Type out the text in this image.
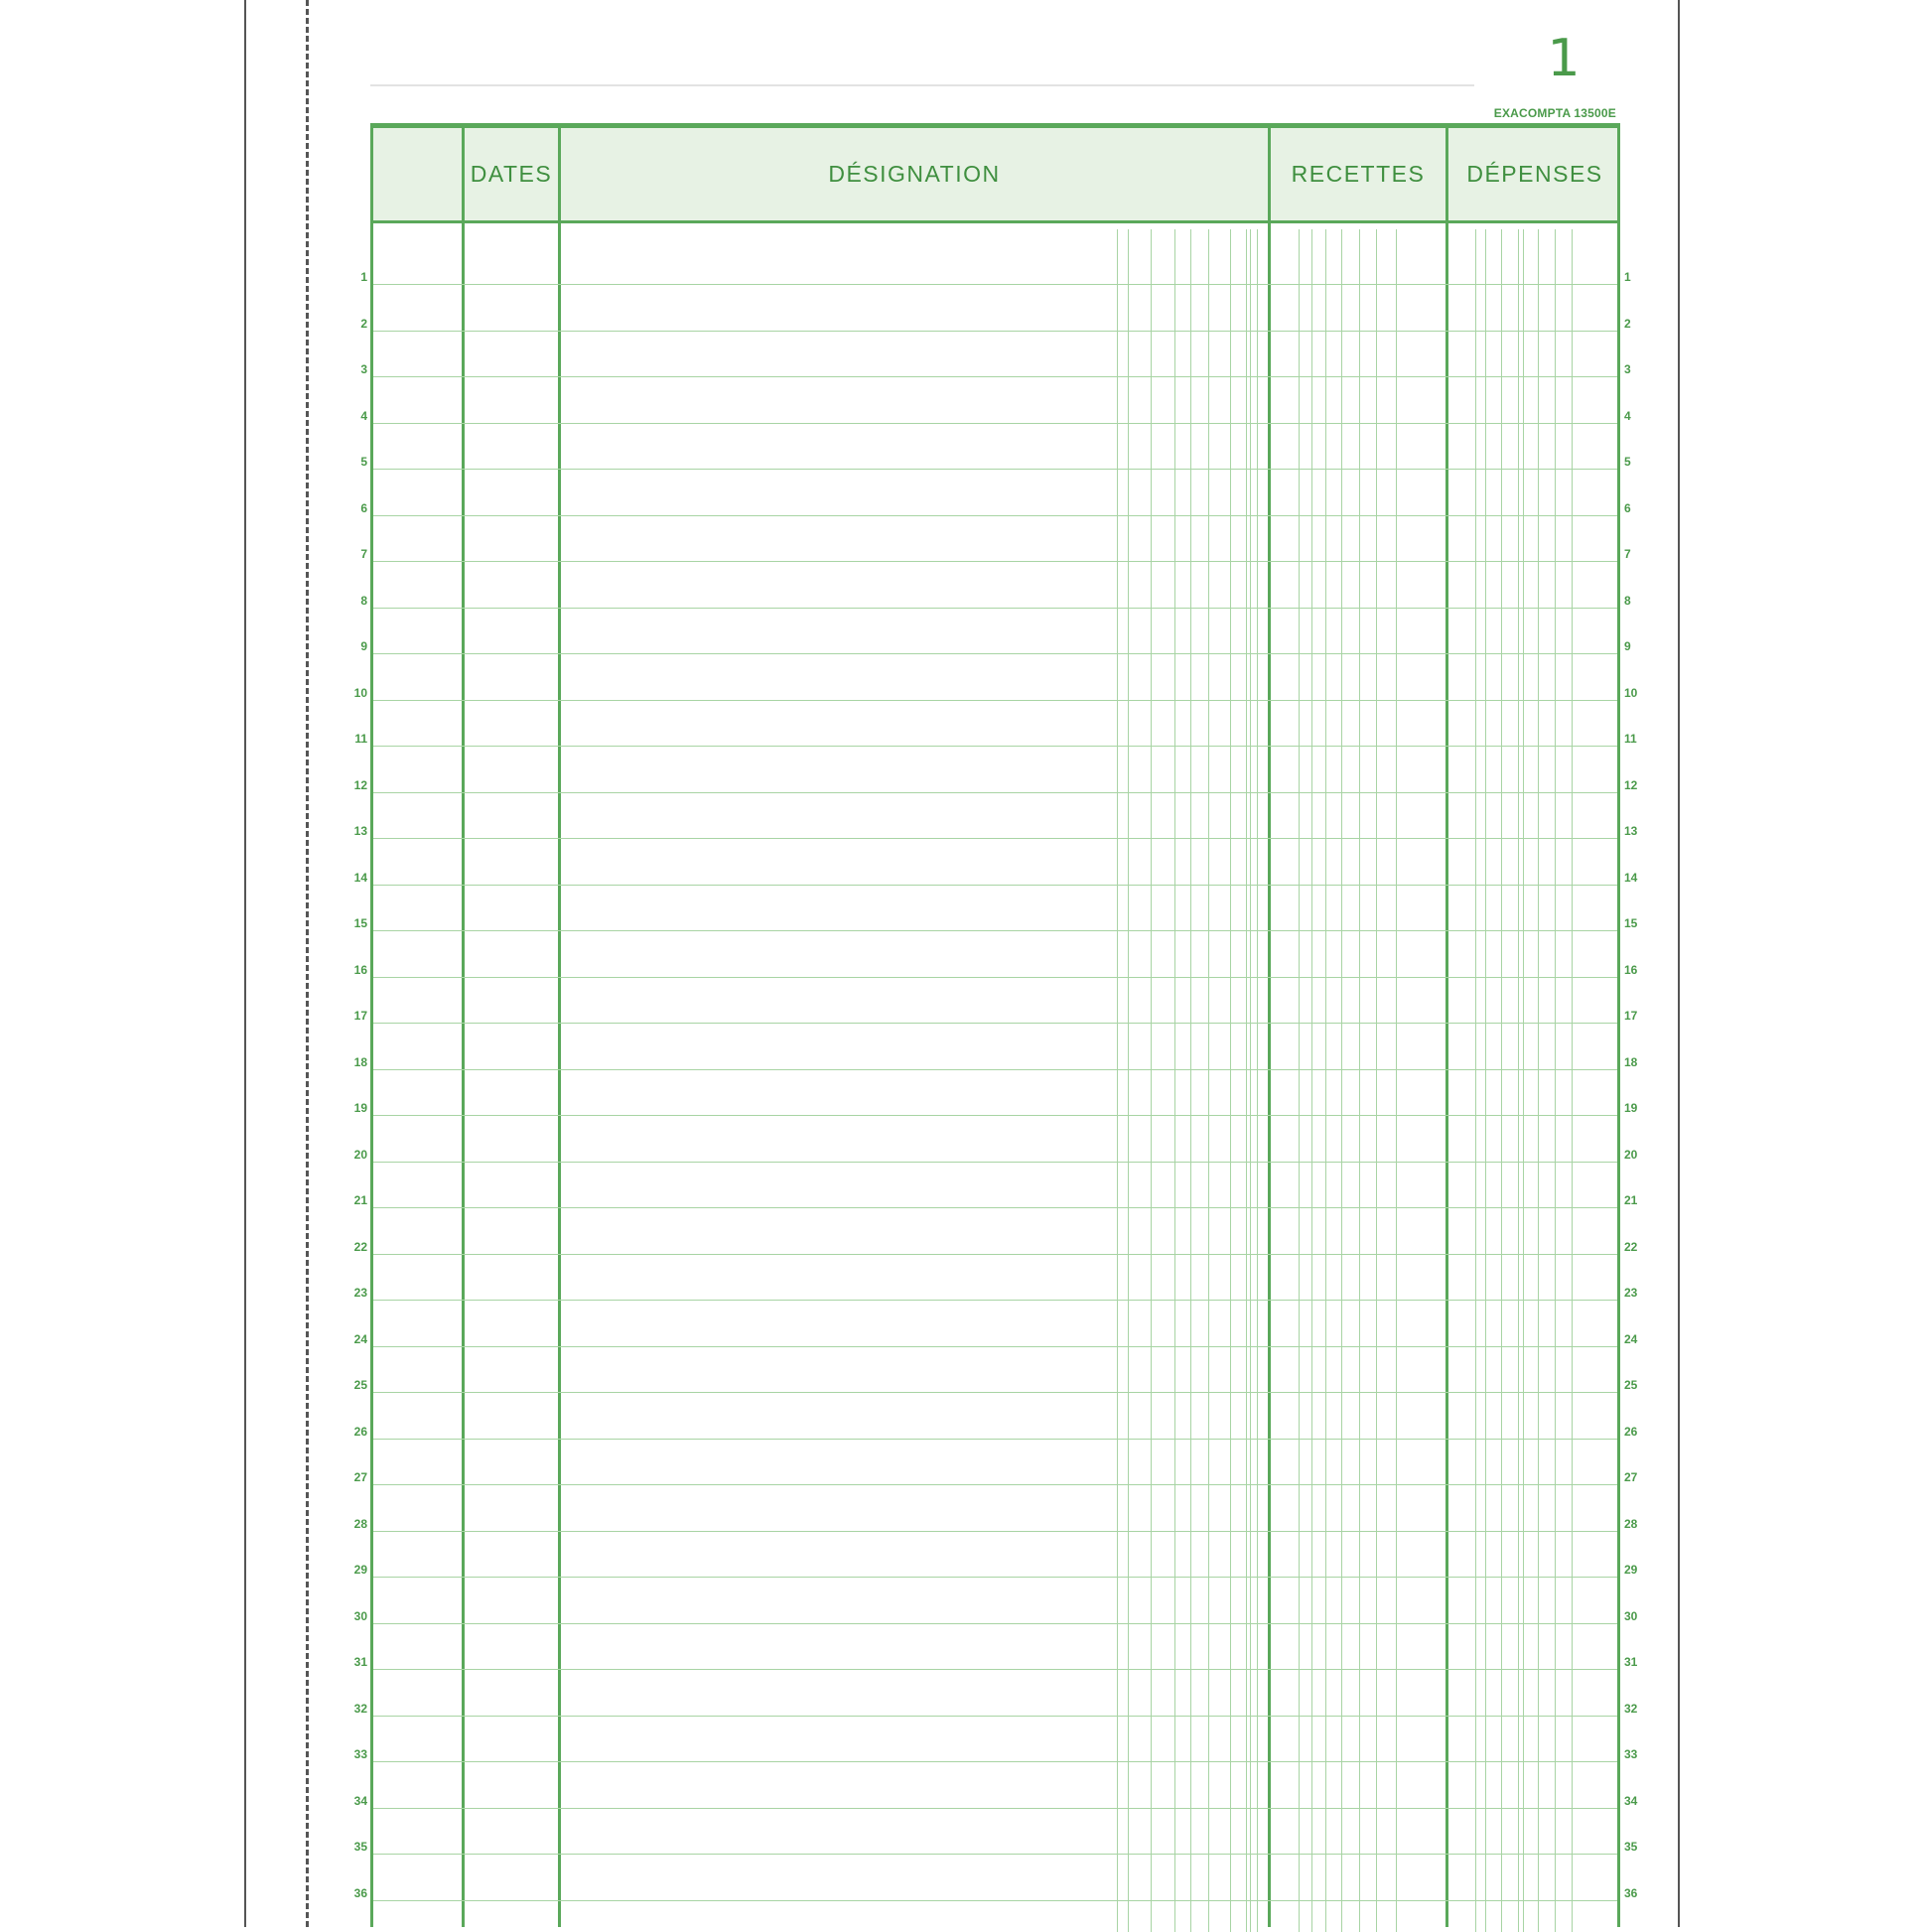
1
EXACOMPTA 13500E
DATES	DÉSIGNATION	RECETTES	DÉPENSES
1	1
2	2
3	3
4	4
5	5
6	6
7	7
8	8
9	9
10	10
11	11
12	12
13	13
14	14
15	15
16	16
17	17
18	18
19	19
20	20
21	21
22	22
23	23
24	24
25	25
26	26
27	27
28	28
29	29
30	30
31	31
32	32
33	33
34	34
35	35
36	36
